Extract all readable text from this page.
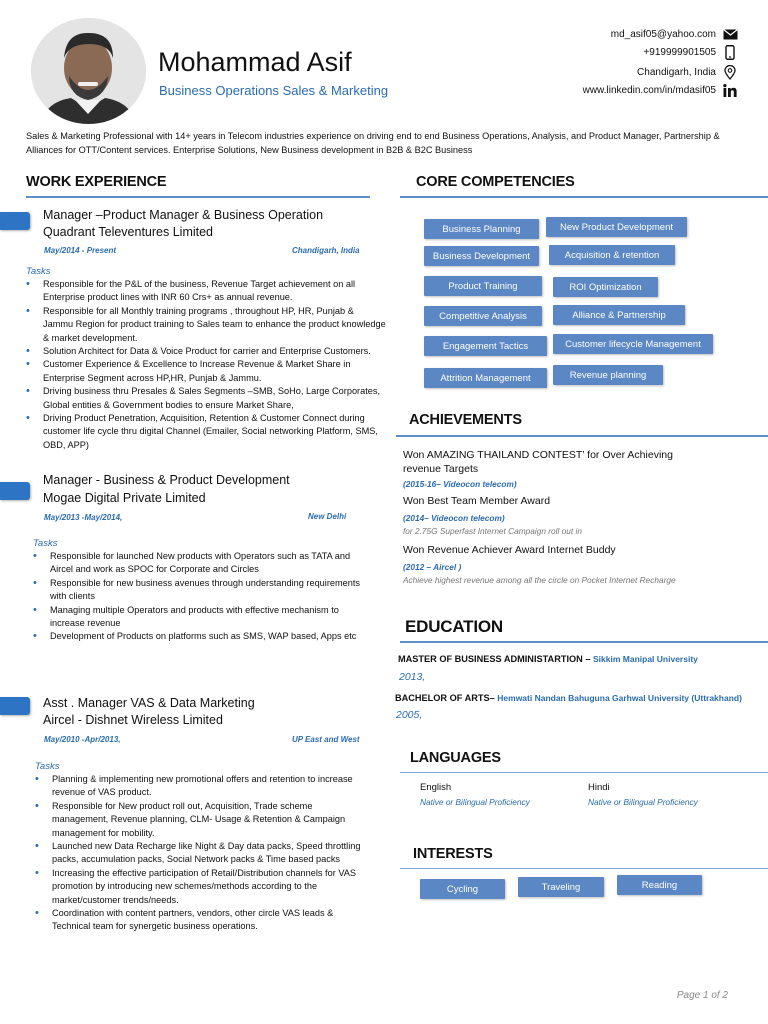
Mohammad Asif
Business Operations Sales & Marketing
md_asif05@yahoo.com
+919999901505
Chandigarh, India
www.linkedin.com/in/mdasif05
Sales & Marketing Professional with 14+ years in Telecom industries experience on driving end to end Business Operations, Analysis, and Product Manager, Partnership & Alliances for OTT/Content services. Enterprise Solutions, New Business development in B2B & B2C Business
WORK EXPERIENCE
Manager –Product Manager & Business Operation
Quadrant Televentures Limited
May/2014 - Present	Chandigarh, India
Tasks
• Responsible for the P&L of the business, Revenue Target achievement on all Enterprise product lines with INR 60 Crs+ as annual revenue.
• Responsible for all Monthly training programs , throughout HP, HR, Punjab & Jammu Region for product training to Sales team to enhance the product knowledge & market development.
• Solution Architect for Data & Voice Product for carrier and Enterprise Customers.
• Customer Experience & Excellence to Increase Revenue & Market Share in Enterprise Segment across HP,HR, Punjab & Jammu.
• Driving business thru Presales & Sales Segments –SMB, SoHo, Large Corporates, Global entities & Government bodies to ensure Market Share,
• Driving Product Penetration, Acquisition, Retention & Customer Connect during customer life cycle thru digital Channel (Emailer, Social networking Platform, SMS, OBD, APP)
Manager - Business & Product Development
Mogae Digital Private Limited
May/2013 -May/2014,	New Delhi
Tasks
• Responsible for launched New products with Operators such as TATA and Aircel and work as SPOC for Corporate and Circles
• Responsible for new business avenues through understanding requirements with clients
• Managing multiple Operators and products with effective mechanism to increase revenue
• Development of Products on platforms such as SMS, WAP based, Apps etc
Asst . Manager VAS & Data Marketing
Aircel - Dishnet Wireless Limited
May/2010 -Apr/2013,	UP East and West
Tasks
• Planning & implementing new promotional offers and retention to increase revenue of VAS product.
• Responsible for New product roll out, Acquisition, Trade scheme management, Revenue planning, CLM- Usage & Retention & Campaign management for mobility.
• Launched new Data Recharge like Night & Day data packs, Speed throttling packs, accumulation packs, Social Network packs & Time based packs
• Increasing the effective participation of Retail/Distribution channels for VAS promotion by introducing new schemes/methods according to the market/customer trends/needs.
• Coordination with content partners, vendors, other circle VAS leads & Technical team for synergetic business operations.
CORE COMPETENCIES
Business Planning	New Product Development
Business Development	Acquisition & retention
Product Training	ROI Optimization
Competitive Analysis	Alliance & Partnership
Engagement Tactics	Customer lifecycle Management
Attrition Management	Revenue planning
ACHIEVEMENTS
Won AMAZING THAILAND CONTEST’ for Over Achieving revenue Targets
(2015-16– Videocon telecom)
Won Best Team Member Award
(2014– Videocon telecom)
for 2.75G Superfast Internet Campaign roll out in
Won Revenue Achiever Award Internet Buddy
(2012 – Aircel )
Achieve highest revenue among all the circle on Pocket Internet Recharge
EDUCATION
MASTER OF BUSINESS ADMINISTARTION – Sikkim Manipal University
2013,
BACHELOR OF ARTS– Hemwati Nandan Bahuguna Garhwal University (Uttrakhand)
2005,
LANGUAGES
English
Native or Bilingual Proficiency
Hindi
Native or Bilingual Proficiency
INTERESTS
Cycling	Traveling	Reading
Page 1 of 2
